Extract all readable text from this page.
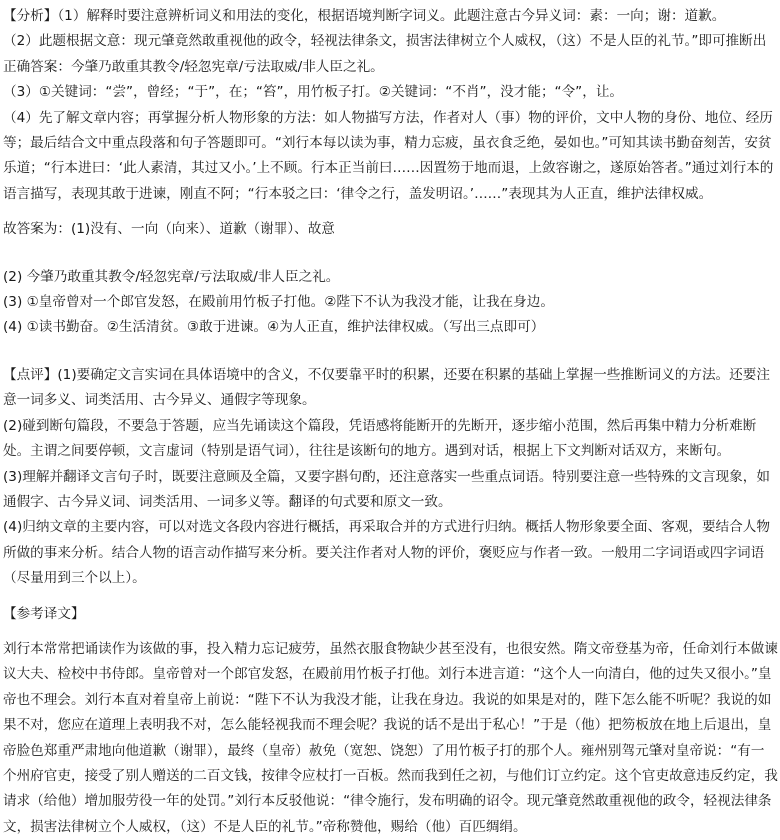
【分析】（1）解释时要注意辨析词义和用法的变化，根据语境判断字词义。此题注意古今异义词：素：一向；谢：道歉。

（2）此题根据文意：现元肇竟然敢重视他的政令，轻视法律条文，损害法律树立个人威权，（这）不是人臣的礼节。”即可推断出正确答案：今肇乃敢重其教令/轻忽宪章/亏法取威/非人臣之礼。

（3）①关键词：“尝”，曾经；“于”，在；“笞”，用竹板子打。②关键词：“不肖”，没才能；“令”，让。

（4）先了解文章内容；再掌握分析人物形象的方法：如人物描写方法，作者对人（事）物的评价，文中人物的身份、地位、经历等；最后结合文中重点段落和句子答题即可。“刘行本每以读为事，精力忘疲，虽衣食乏绝，晏如也。”可知其读书勤奋刻苦，安贫乐道；“行本进曰：‘此人素清，其过又小。’上不顾。行本正当前曰……因置笏于地而退，上敛容谢之，遂原始答者。”通过刘行本的语言描写，表现其敢于进谏，刚直不阿；“行本驳之曰：‘律令之行，盖发明诏。’……”表现其为人正直，维护法律权威。

故答案为：(1)没有、一向（向来）、道歉（谢罪）、故意

(2) 今肇乃敢重其教令/轻忽宪章/亏法取威/非人臣之礼。

(3) ①皇帝曾对一个郎官发怒，在殿前用竹板子打他。②陛下不认为我没才能，让我在身边。

(4) ①读书勤奋。②生活清贫。③敢于进谏。④为人正直，维护法律权威。（写出三点即可）

【点评】(1)要确定文言实词在具体语境中的含义，不仅要靠平时的积累，还要在积累的基础上掌握一些推断词义的方法。还要注意一词多义、词类活用、古今异义、通假字等现象。

(2)碰到断句篇段，不要急于答题，应当先诵读这个篇段，凭语感将能断开的先断开，逐步缩小范围，然后再集中精力分析难断处。主谓之间要停顿，文言虚词（特别是语气词），往往是该断句的地方。遇到对话，根据上下文判断对话双方，来断句。

(3)理解并翻译文言句子时，既要注意顾及全篇，又要字斟句酌，还注意落实一些重点词语。特别要注意一些特殊的文言现象，如通假字、古今异义词、词类活用、一词多义等。翻译的句式要和原文一致。

(4)归纳文章的主要内容，可以对选文各段内容进行概括，再采取合并的方式进行归纳。概括人物形象要全面、客观，要结合人物所做的事来分析。结合人物的语言动作描写来分析。要关注作者对人物的评价，褒贬应与作者一致。一般用二字词语或四字词语（尽量用到三个以上）。

【参考译文】

刘行本常常把诵读作为该做的事，投入精力忘记疲劳，虽然衣服食物缺少甚至没有，也很安然。隋文帝登基为帝，任命刘行本做谏议大夫、检校中书侍郎。皇帝曾对一个郎官发怒，在殿前用竹板子打他。刘行本进言道：“这个人一向清白，他的过失又很小。”皇帝也不理会。刘行本直对着皇帝上前说：“陛下不认为我没才能，让我在身边。我说的如果是对的，陛下怎么能不听呢？我说的如果不对，您应在道理上表明我不对，怎么能轻视我而不理会呢？我说的话不是出于私心！”于是（他）把笏板放在地上后退出，皇帝脸色郑重严肃地向他道歉（谢罪），最终（皇帝）赦免（宽恕、饶恕）了用竹板子打的那个人。雍州别驾元肇对皇帝说：“有一个州府官吏，接受了别人赠送的二百文钱，按律令应杖打一百板。然而我到任之初，与他们订立约定。这个官吏故意违反约定，我请求（给他）增加服劳役一年的处罚。”刘行本反驳他说：“律令施行，发布明确的诏令。现元肇竟然敢重视他的政令，轻视法律条文，损害法律树立个人威权，（这）不是人臣的礼节。”帝称赞他，赐给（他）百匹绸绢。
